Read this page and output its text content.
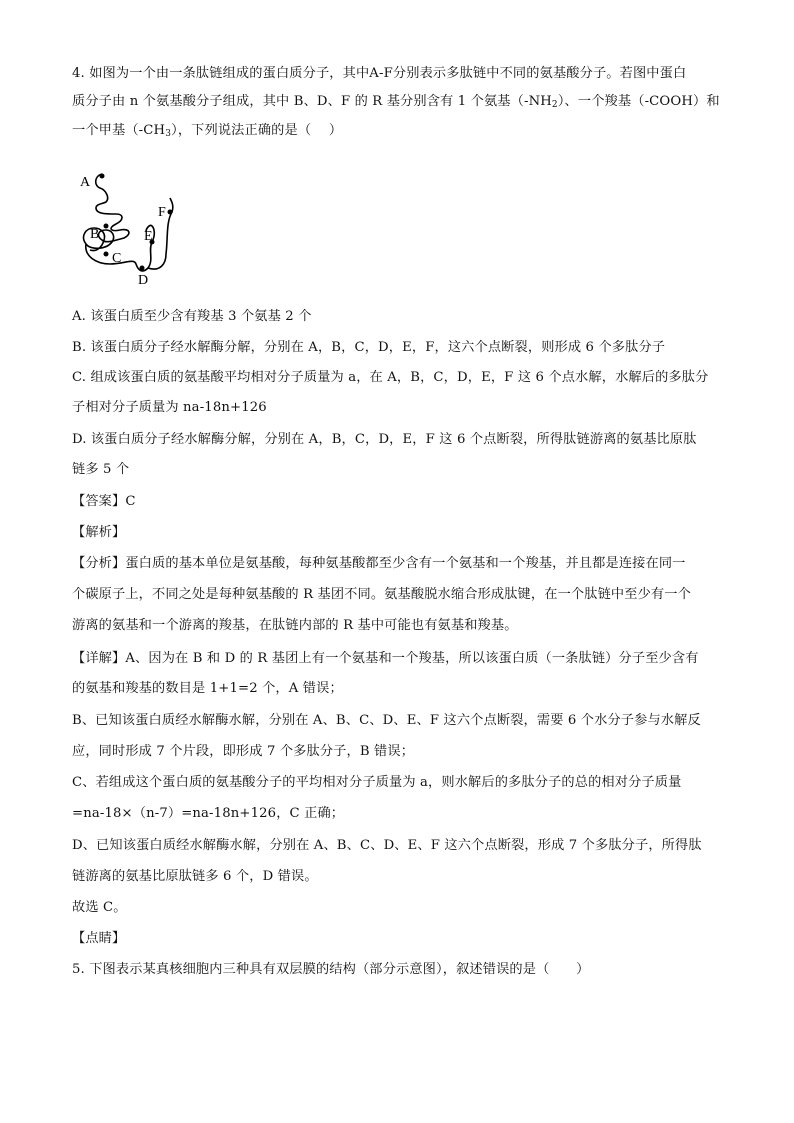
4. 如图为一个由一条肽链组成的蛋白质分子，其中A-F分别表示多肽链中不同的氨基酸分子。若图中蛋白
质分子由 n 个氨基酸分子组成，其中 B、D、F 的 R 基分别含有 1 个氨基$(-NH_2)$、一个羧基（-COOH）和
一个甲基$(-CH_3)$，下列说法正确的是（　 ）
A
F
B	E
C
D
A. 该蛋白质至少含有羧基 3 个氨基 2 个
B. 该蛋白质分子经水解酶分解，分别在 A，B，C，D，E，F，这六个点断裂，则形成 6 个多肽分子
C. 组成该蛋白质的氨基酸平均相对分子质量为 a，在 A，B，C，D，E，F 这 6 个点水解，水解后的多肽分
子相对分子质量为 na-18n+126
D. 该蛋白质分子经水解酶分解，分别在 A，B，C，D，E，F 这 6 个点断裂，所得肽链游离的氨基比原肽
链多 5 个
【答案】C
【解析】
【分析】蛋白质的基本单位是氨基酸，每种氨基酸都至少含有一个氨基和一个羧基，并且都是连接在同一
个碳原子上，不同之处是每种氨基酸的 R 基团不同。氨基酸脱水缩合形成肽键，在一个肽链中至少有一个
游离的氨基和一个游离的羧基，在肽链内部的 R 基中可能也有氨基和羧基。
【详解】A、因为在 B 和 D 的 R 基团上有一个氨基和一个羧基，所以该蛋白质（一条肽链）分子至少含有
的氨基和羧基的数目是 1+1=2 个，A 错误；
B、已知该蛋白质经水解酶水解，分别在 A、B、C、D、E、F 这六个点断裂，需要 6 个水分子参与水解反
应，同时形成 7 个片段，即形成 7 个多肽分子，B 错误；
C、若组成这个蛋白质的氨基酸分子的平均相对分子质量为 a，则水解后的多肽分子的总的相对分子质量
=na-18×（n-7）=na-18n+126，C 正确；
D、已知该蛋白质经水解酶水解，分别在 A、B、C、D、E、F 这六个点断裂，形成 7 个多肽分子，所得肽
链游离的氨基比原肽链多 6 个，D 错误。
故选 C。
【点睛】
5. 下图表示某真核细胞内三种具有双层膜的结构（部分示意图），叙述错误的是（　　）
